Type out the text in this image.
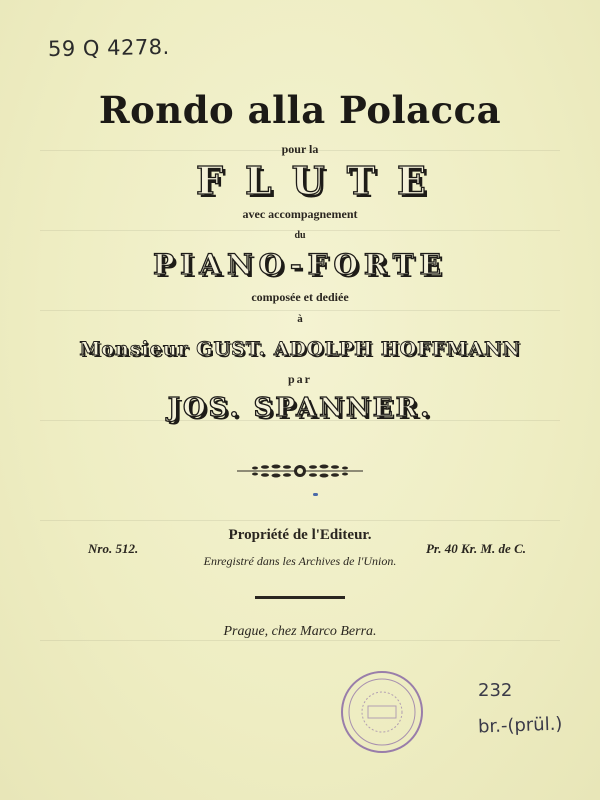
59 Q 4278.
Rondo alla Polacca
pour la
FLUTE
avec accompagnement
du
PIANO-FORTE
composée et dediée
à
Monsieur GUST. ADOLPH HOFFMANN
par
JOS. SPANNER.
Nro. 512.
Propriété de l'Editeur.
Pr. 40 Kr. M. de C.
Enregistré dans les Archives de l'Union.
Prague, chez Marco Berra.
232
br.-(prül.)
